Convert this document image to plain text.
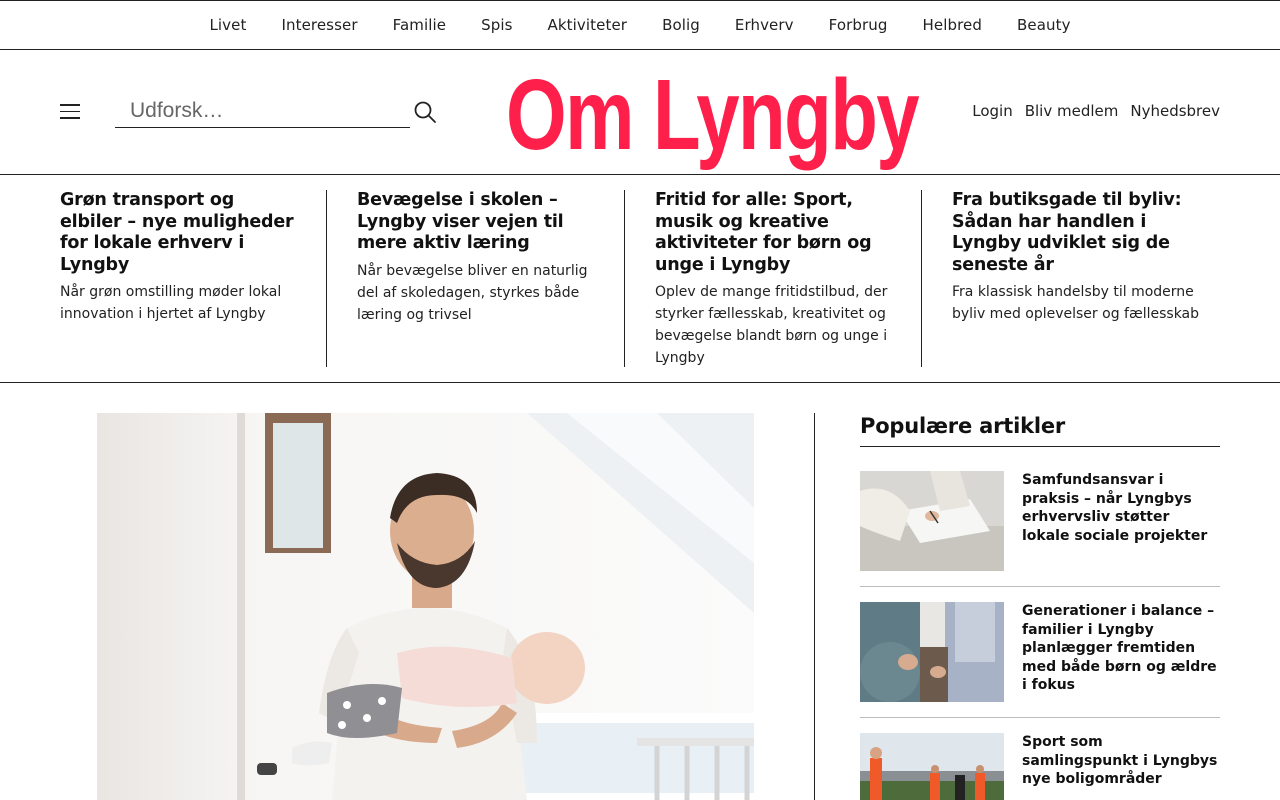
Livet Interesser Familie Spis Aktiviteter Bolig Erhverv Forbrug Helbred Beauty
Udforsk…
Om Lyngby	Login Bliv medlem Nyhedsbrev
Grøn transport og elbiler – nye muligheder for lokale erhverv i Lyngby

Når grøn omstilling møder lokal innovation i hjertet af Lyngby

Bevægelse i skolen – Lyngby viser vejen til mere aktiv læring

Når bevægelse bliver en naturlig del af skoledagen, styrkes både læring og trivsel

Fritid for alle: Sport, musik og kreative aktiviteter for børn og unge i Lyngby

Oplev de mange fritidstilbud, der styrker fællesskab, kreativitet og bevægelse blandt børn og unge i Lyngby

Fra butiksgade til byliv: Sådan har handlen i Lyngby udviklet sig de seneste år

Fra klassisk handelsby til moderne byliv med oplevelser og fællesskab

Populære artikler
Samfundsansvar i praksis – når Lyngbys erhvervsliv støtter lokale sociale projekter
Generationer i balance – familier i Lyngby planlægger fremtiden med både børn og ældre i fokus
Sport som samlingspunkt i Lyngbys nye boligområder
